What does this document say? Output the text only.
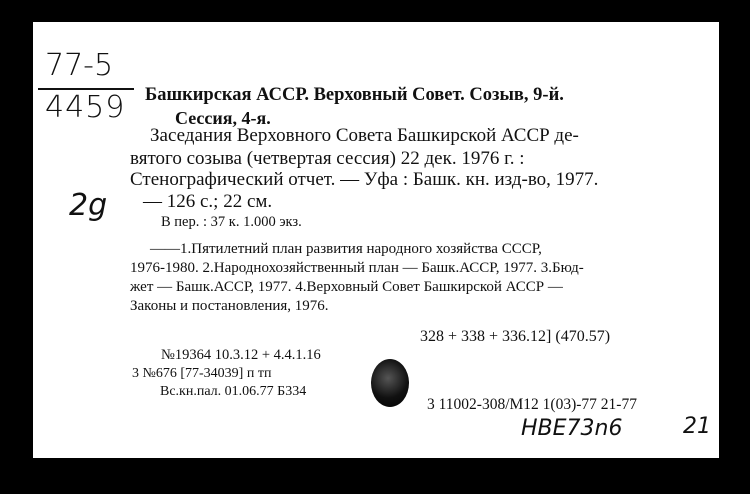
77-5
4459
2g
Башкирская АССР. Верховный Совет. Созыв, 9-й.
Сессия, 4-я.
Заседания Верховного Совета Башкирской АССР де-
вятого созыва (четвертая сессия) 22 дек. 1976 г. :
Стенографический отчет. — Уфа : Башк. кн. изд-во, 1977.
— 126 с.; 22 см.
В пер. : 37 к. 1.000 экз.
——1.Пятилетний план развития народного хозяйства СССР,
1976-1980. 2.Народнохозяйственный план — Башк.АССР, 1977. 3.Бюд-
жет — Башк.АССР, 1977. 4.Верховный Совет Башкирской АССР —
Законы и постановления, 1976.
328 + 338 + 336.12] (470.57)
№19364 10.3.12 + 4.4.1.16
3 №676 [77-34039] п тп
Вс.кн.пал. 01.06.77 Б334
3 11002-308/М12 1(03)-77 21-77
HBE73n6	21
